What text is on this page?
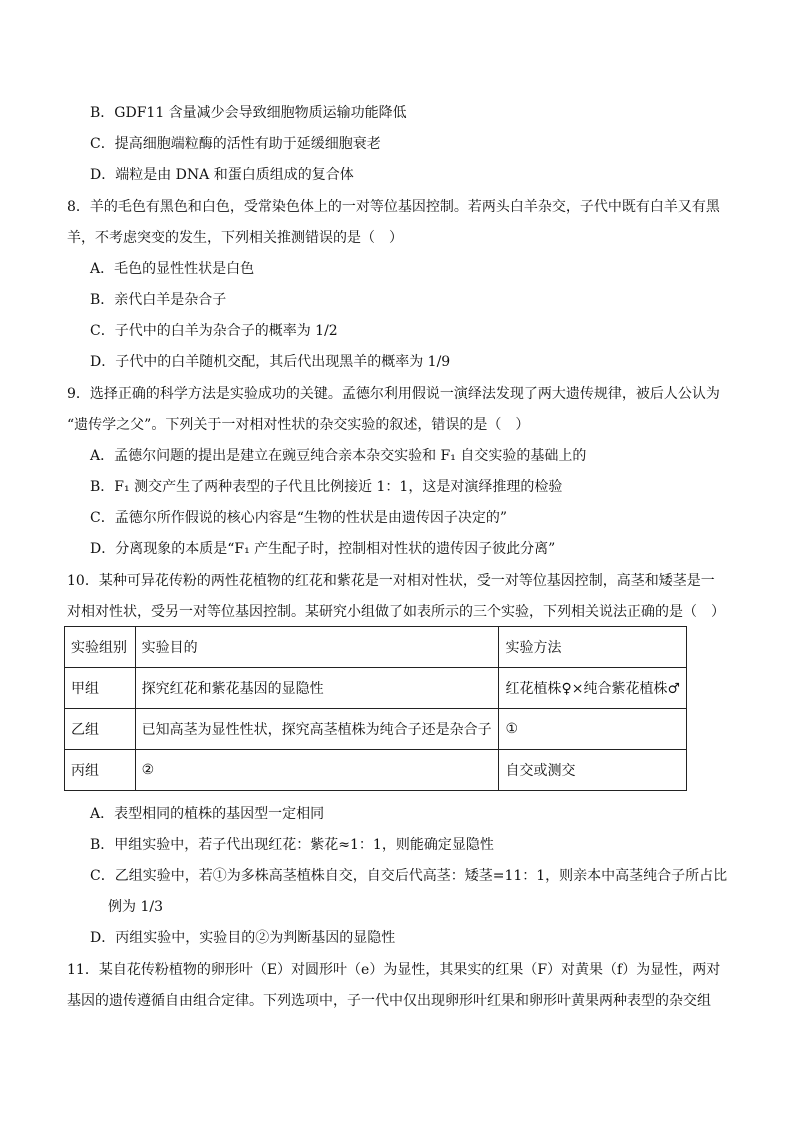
B．GDF11 含量减少会导致细胞物质运输功能降低
C．提高细胞端粒酶的活性有助于延缓细胞衰老
D．端粒是由 DNA 和蛋白质组成的复合体
8．羊的毛色有黑色和白色，受常染色体上的一对等位基因控制。若两头白羊杂交，子代中既有白羊又有黑
羊，不考虑突变的发生，下列相关推测错误的是（　）
A．毛色的显性性状是白色
B．亲代白羊是杂合子
C．子代中的白羊为杂合子的概率为 1/2
D．子代中的白羊随机交配，其后代出现黑羊的概率为 1/9
9．选择正确的科学方法是实验成功的关键。孟德尔利用假说一演绎法发现了两大遗传规律，被后人公认为
“遗传学之父”。下列关于一对相对性状的杂交实验的叙述，错误的是（　）
A．孟德尔问题的提出是建立在豌豆纯合亲本杂交实验和 F₁ 自交实验的基础上的
B．F₁ 测交产生了两种表型的子代且比例接近 1：1，这是对演绎推理的检验
C．孟德尔所作假说的核心内容是“生物的性状是由遗传因子决定的”
D．分离现象的本质是“F₁ 产生配子时，控制相对性状的遗传因子彼此分离”
10．某种可异花传粉的两性花植物的红花和紫花是一对相对性状，受一对等位基因控制，高茎和矮茎是一
对相对性状，受另一对等位基因控制。某研究小组做了如表所示的三个实验，下列相关说法正确的是（　）
实验组别	实验目的	实验方法
甲组	探究红花和紫花基因的显隐性	红花植株♀×纯合紫花植株♂
乙组	已知高茎为显性性状，探究高茎植株为纯合子还是杂合子	①
丙组	②	自交或测交
A．表型相同的植株的基因型一定相同
B．甲组实验中，若子代出现红花：紫花≈1：1，则能确定显隐性
C．乙组实验中，若①为多株高茎植株自交，自交后代高茎：矮茎=11：1，则亲本中高茎纯合子所占比
例为 1/3
D．丙组实验中，实验目的②为判断基因的显隐性
11．某自花传粉植物的卵形叶（E）对圆形叶（e）为显性，其果实的红果（F）对黄果（f）为显性，两对
基因的遗传遵循自由组合定律。下列选项中，子一代中仅出现卵形叶红果和卵形叶黄果两种表型的杂交组
